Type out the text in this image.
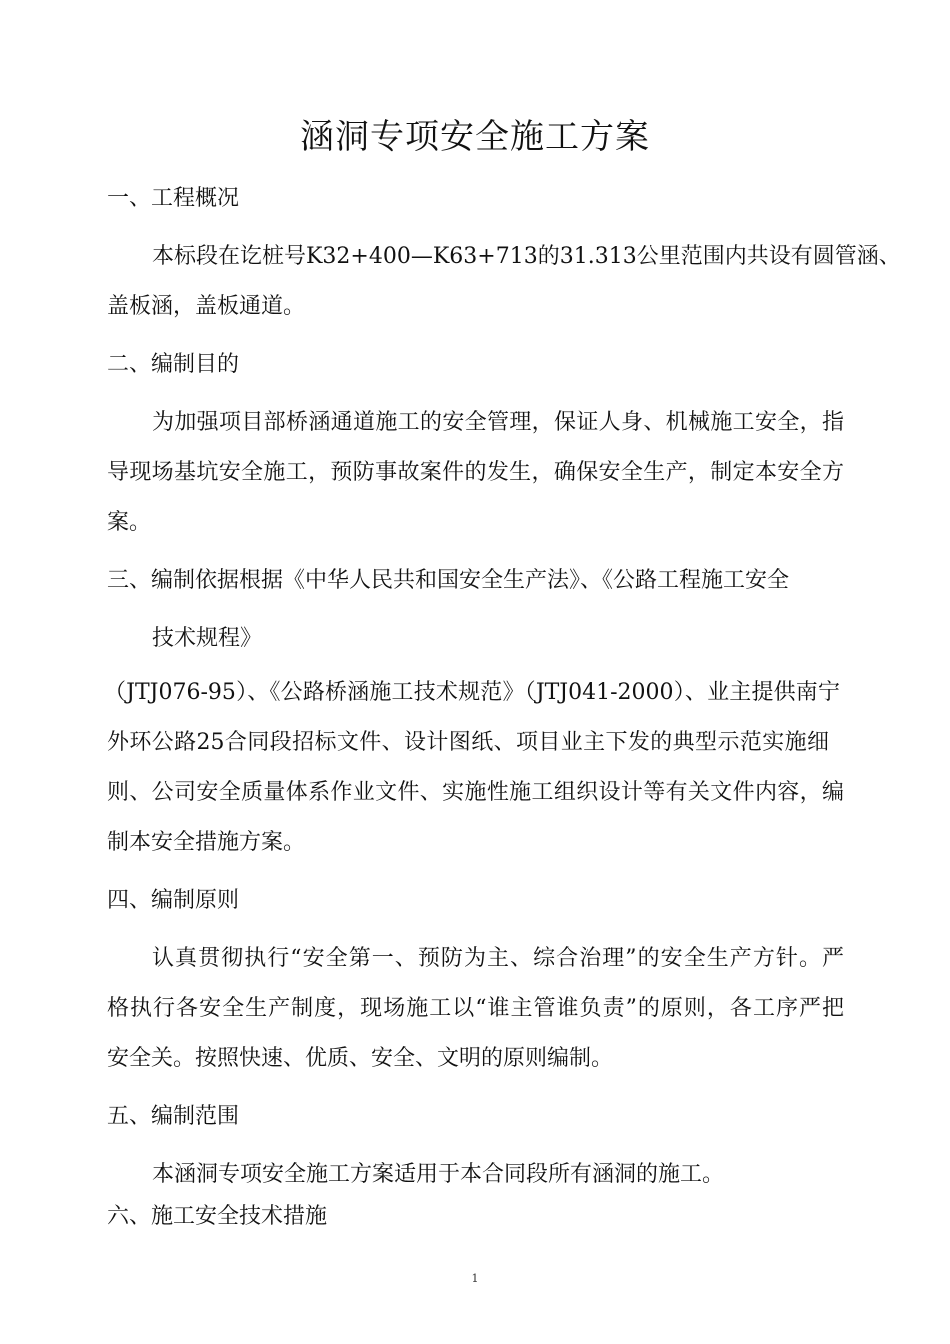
涵洞专项安全施工方案

一、工程概况

本标段在讫桩号K32+400—K63+713的31.313公里范围内共设有圆管涵、

盖板涵，盖板通道。

二、编制目的

为加强项目部桥涵通道施工的安全管理，保证人身、机械施工安全，指

导现场基坑安全施工，预防事故案件的发生，确保安全生产，制定本安全方

案。

三、编制依据根据《中华人民共和国安全生产法》、《公路工程施工安全

技术规程》

（JTJ076-95）、《公路桥涵施工技术规范》（JTJ041-2000）、业主提供南宁

外环公路25合同段招标文件、设计图纸、项目业主下发的典型示范实施细

则、公司安全质量体系作业文件、实施性施工组织设计等有关文件内容，编

制本安全措施方案。

四、编制原则

认真贯彻执行“安全第一、预防为主、综合治理”的安全生产方针。严

格执行各安全生产制度，现场施工以“谁主管谁负责”的原则，各工序严把

安全关。按照快速、优质、安全、文明的原则编制。

五、编制范围

本涵洞专项安全施工方案适用于本合同段所有涵洞的施工。

六、施工安全技术措施

1
